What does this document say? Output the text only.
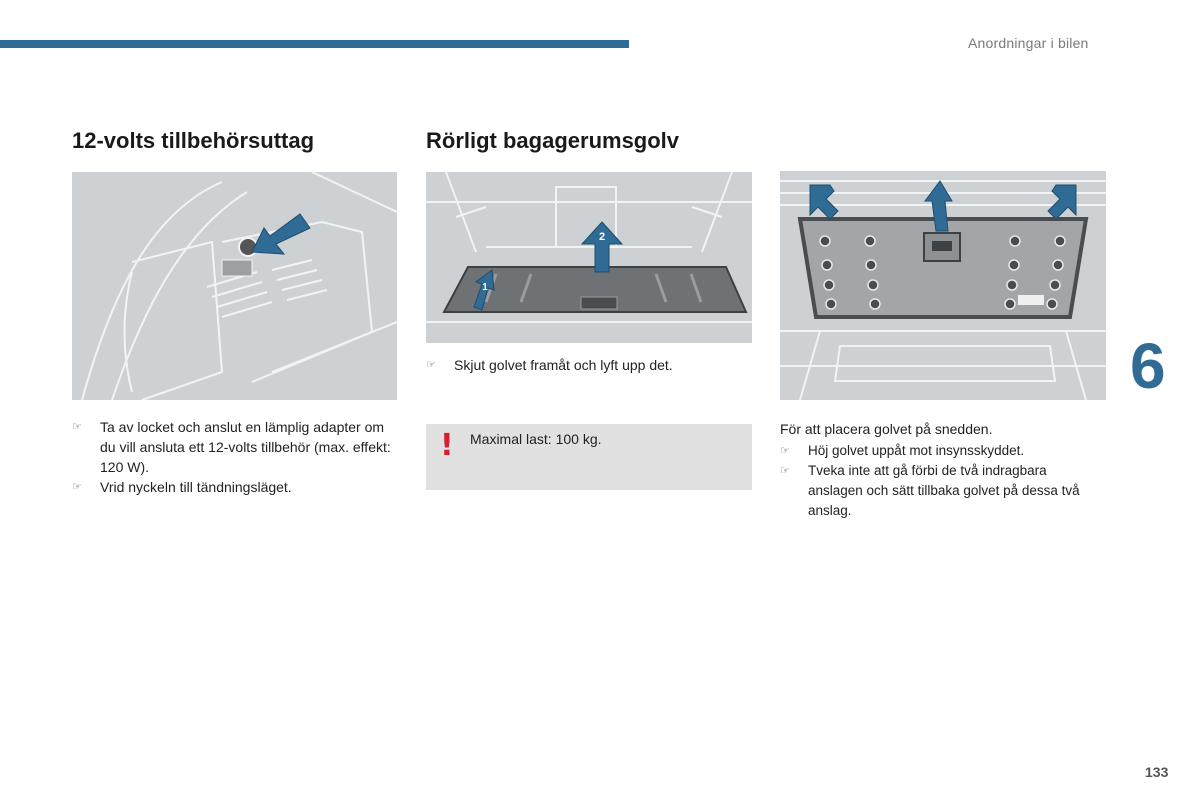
Anordningar i bilen
12-volts tillbehörsuttag
☞ Ta av locket och anslut en lämplig adapter om du vill ansluta ett 12-volts tillbehör (max. effekt: 120 W).
☞ Vrid nyckeln till tändningsläget.
Rörligt bagagerumsgolv
2
1
☞ Skjut golvet framåt och lyft upp det.
! Maximal last: 100 kg.
För att placera golvet på snedden.
☞ Höj golvet uppåt mot insynsskyddet.
☞ Tveka inte att gå förbi de två indragbara anslagen och sätt tillbaka golvet på dessa två anslag.
6
133
